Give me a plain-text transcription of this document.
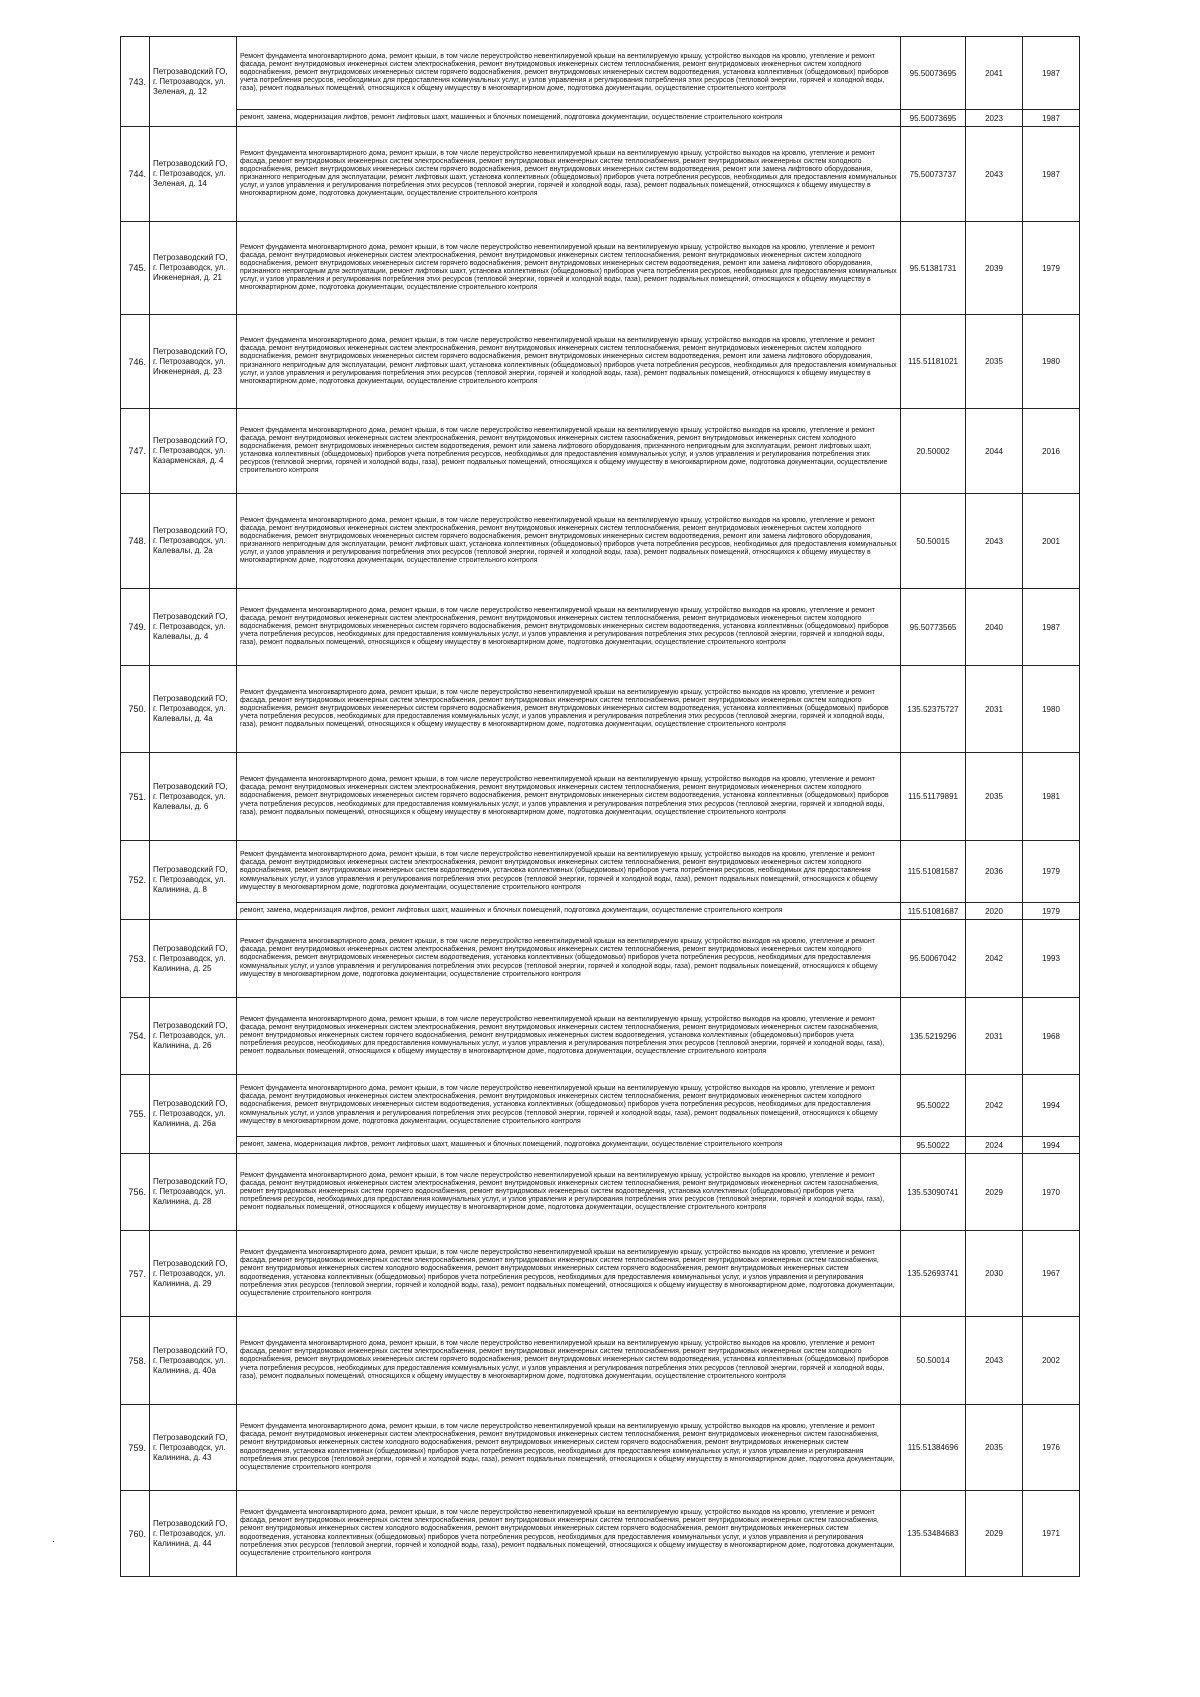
743.	Петрозаводский ГО, г. Петрозаводск, ул. Зеленая, д. 12	Ремонт фундамента многоквартирного дома, ремонт крыши, в том числе переустройство невентилируемой крыши на вентилируемую крышу, устройство выходов на кровлю, утепление и ремонт фасада, ремонт внутридомовых инженерных систем электроснабжения, ремонт внутридомовых инженерных систем теплоснабжения, ремонт внутридомовых инженерных систем холодного водоснабжения, ремонт внутридомовых инженерных систем горячего водоснабжения, ремонт внутридомовых инженерных систем водоотведения, установка коллективных (общедомовых) приборов учета потребления ресурсов, необходимых для предоставления коммунальных услуг, и узлов управления и регулирования потребления этих ресурсов (тепловой энергии, горячей и холодной воды, газа), ремонт подвальных помещений, относящихся к общему имуществу в многоквартирном доме, подготовка документации, осуществление строительного контроля	95.50073695	2041	1987
		ремонт, замена, модернизация лифтов, ремонт лифтовых шахт, машинных и блочных помещений, подготовка документации, осуществление строительного контроля	95.50073695	2023	1987
744.	Петрозаводский ГО, г. Петрозаводск, ул. Зеленая, д. 14	Ремонт фундамента многоквартирного дома, ремонт крыши, в том числе переустройство невентилируемой крыши на вентилируемую крышу, устройство выходов на кровлю, утепление и ремонт фасада, ремонт внутридомовых инженерных систем электроснабжения, ремонт внутридомовых инженерных систем теплоснабжения, ремонт внутридомовых инженерных систем холодного водоснабжения, ремонт внутридомовых инженерных систем горячего водоснабжения, ремонт внутридомовых инженерных систем водоотведения, ремонт или замена лифтового оборудования, признанного непригодным для эксплуатации, ремонт лифтовых шахт, установка коллективных (общедомовых) приборов учета потребления ресурсов, необходимых для предоставления коммунальных услуг, и узлов управления и регулирования потребления этих ресурсов (тепловой энергии, горячей и холодной воды, газа), ремонт подвальных помещений, относящихся к общему имуществу в многоквартирном доме, подготовка документации, осуществление строительного контроля	75.50073737	2043	1987
745.	Петрозаводский ГО, г. Петрозаводск, ул. Инженерная, д. 21	Ремонт фундамента многоквартирного дома, ремонт крыши, в том числе переустройство невентилируемой крыши на вентилируемую крышу, устройство выходов на кровлю, утепление и ремонт фасада, ремонт внутридомовых инженерных систем электроснабжения, ремонт внутридомовых инженерных систем теплоснабжения, ремонт внутридомовых инженерных систем холодного водоснабжения, ремонт внутридомовых инженерных систем горячего водоснабжения, ремонт внутридомовых инженерных систем водоотведения, ремонт или замена лифтового оборудования, признанного непригодным для эксплуатации, ремонт лифтовых шахт, установка коллективных (общедомовых) приборов учета потребления ресурсов, необходимых для предоставления коммунальных услуг, и узлов управления и регулирования потребления этих ресурсов (тепловой энергии, горячей и холодной воды, газа), ремонт подвальных помещений, относящихся к общему имуществу в многоквартирном доме, подготовка документации, осуществление строительного контроля	95.51381731	2039	1979
746.	Петрозаводский ГО, г. Петрозаводск, ул. Инженерная, д. 23	Ремонт фундамента многоквартирного дома, ремонт крыши, в том числе переустройство невентилируемой крыши на вентилируемую крышу, устройство выходов на кровлю, утепление и ремонт фасада, ремонт внутридомовых инженерных систем электроснабжения, ремонт внутридомовых инженерных систем теплоснабжения, ремонт внутридомовых инженерных систем холодного водоснабжения, ремонт внутридомовых инженерных систем горячего водоснабжения, ремонт внутридомовых инженерных систем водоотведения, ремонт или замена лифтового оборудования, признанного непригодным для эксплуатации, ремонт лифтовых шахт, установка коллективных (общедомовых) приборов учета потребления ресурсов, необходимых для предоставления коммунальных услуг, и узлов управления и регулирования потребления этих ресурсов (тепловой энергии, горячей и холодной воды, газа), ремонт подвальных помещений, относящихся к общему имуществу в многоквартирном доме, подготовка документации, осуществление строительного контроля	115.51181021	2035	1980
747.	Петрозаводский ГО, г. Петрозаводск, ул. Казарменская, д. 4	Ремонт фундамента многоквартирного дома, ремонт крыши, в том числе переустройство невентилируемой крыши на вентилируемую крышу, устройство выходов на кровлю, утепление и ремонт фасада, ремонт внутридомовых инженерных систем электроснабжения, ремонт внутридомовых инженерных систем газоснабжения, ремонт внутридомовых инженерных систем холодного водоснабжения, ремонт внутридомовых инженерных систем водоотведения, ремонт или замена лифтового оборудования, признанного непригодным для эксплуатации, ремонт лифтовых шахт, установка коллективных (общедомовых) приборов учета потребления ресурсов, необходимых для предоставления коммунальных услуг, и узлов управления и регулирования потребления этих ресурсов (тепловой энергии, горячей и холодной воды, газа), ремонт подвальных помещений, относящихся к общему имуществу в многоквартирном доме, подготовка документации, осуществление строительного контроля	20.50002	2044	2016
748.	Петрозаводский ГО, г. Петрозаводск, ул. Калевалы, д. 2а	Ремонт фундамента многоквартирного дома, ремонт крыши, в том числе переустройство невентилируемой крыши на вентилируемую крышу, устройство выходов на кровлю, утепление и ремонт фасада, ремонт внутридомовых инженерных систем электроснабжения, ремонт внутридомовых инженерных систем теплоснабжения, ремонт внутридомовых инженерных систем холодного водоснабжения, ремонт внутридомовых инженерных систем горячего водоснабжения, ремонт внутридомовых инженерных систем водоотведения, ремонт или замена лифтового оборудования, признанного непригодным для эксплуатации, ремонт лифтовых шахт, установка коллективных (общедомовых) приборов учета потребления ресурсов, необходимых для предоставления коммунальных услуг, и узлов управления и регулирования потребления этих ресурсов (тепловой энергии, горячей и холодной воды, газа), ремонт подвальных помещений, относящихся к общему имуществу в многоквартирном доме, подготовка документации, осуществление строительного контроля	50.50015	2043	2001
749.	Петрозаводский ГО, г. Петрозаводск, ул. Калевалы, д. 4	Ремонт фундамента многоквартирного дома, ремонт крыши, в том числе переустройство невентилируемой крыши на вентилируемую крышу, устройство выходов на кровлю, утепление и ремонт фасада, ремонт внутридомовых инженерных систем электроснабжения, ремонт внутридомовых инженерных систем теплоснабжения, ремонт внутридомовых инженерных систем холодного водоснабжения, ремонт внутридомовых инженерных систем горячего водоснабжения, ремонт внутридомовых инженерных систем водоотведения, установка коллективных (общедомовых) приборов учета потребления ресурсов, необходимых для предоставления коммунальных услуг, и узлов управления и регулирования потребления этих ресурсов (тепловой энергии, горячей и холодной воды, газа), ремонт подвальных помещений, относящихся к общему имуществу в многоквартирном доме, подготовка документации, осуществление строительного контроля	95.50773565	2040	1987
750.	Петрозаводский ГО, г. Петрозаводск, ул. Калевалы, д. 4а	Ремонт фундамента многоквартирного дома, ремонт крыши, в том числе переустройство невентилируемой крыши на вентилируемую крышу, устройство выходов на кровлю, утепление и ремонт фасада, ремонт внутридомовых инженерных систем электроснабжения, ремонт внутридомовых инженерных систем теплоснабжения, ремонт внутридомовых инженерных систем холодного водоснабжения, ремонт внутридомовых инженерных систем горячего водоснабжения, ремонт внутридомовых инженерных систем водоотведения, установка коллективных (общедомовых) приборов учета потребления ресурсов, необходимых для предоставления коммунальных услуг, и узлов управления и регулирования потребления этих ресурсов (тепловой энергии, горячей и холодной воды, газа), ремонт подвальных помещений, относящихся к общему имуществу в многоквартирном доме, подготовка документации, осуществление строительного контроля	135.52375727	2031	1980
751.	Петрозаводский ГО, г. Петрозаводск, ул. Калевалы, д. 6	Ремонт фундамента многоквартирного дома, ремонт крыши, в том числе переустройство невентилируемой крыши на вентилируемую крышу, устройство выходов на кровлю, утепление и ремонт фасада, ремонт внутридомовых инженерных систем электроснабжения, ремонт внутридомовых инженерных систем теплоснабжения, ремонт внутридомовых инженерных систем холодного водоснабжения, ремонт внутридомовых инженерных систем горячего водоснабжения, ремонт внутридомовых инженерных систем водоотведения, установка коллективных (общедомовых) приборов учета потребления ресурсов, необходимых для предоставления коммунальных услуг, и узлов управления и регулирования потребления этих ресурсов (тепловой энергии, горячей и холодной воды, газа), ремонт подвальных помещений, относящихся к общему имуществу в многоквартирном доме, подготовка документации, осуществление строительного контроля	115.51179891	2035	1981
752.	Петрозаводский ГО, г. Петрозаводск, ул. Калинина, д. 8	Ремонт фундамента многоквартирного дома, ремонт крыши, в том числе переустройство невентилируемой крыши на вентилируемую крышу, устройство выходов на кровлю, утепление и ремонт фасада, ремонт внутридомовых инженерных систем электроснабжения, ремонт внутридомовых инженерных систем теплоснабжения, ремонт внутридомовых инженерных систем холодного водоснабжения, ремонт внутридомовых инженерных систем водоотведения, установка коллективных (общедомовых) приборов учета потребления ресурсов, необходимых для предоставления коммунальных услуг, и узлов управления и регулирования потребления этих ресурсов (тепловой энергии, горячей и холодной воды, газа), ремонт подвальных помещений, относящихся к общему имуществу в многоквартирном доме, подготовка документации, осуществление строительного контроля	115.51081587	2036	1979
		ремонт, замена, модернизация лифтов, ремонт лифтовых шахт, машинных и блочных помещений, подготовка документации, осуществление строительного контроля	115.51081687	2020	1979
753.	Петрозаводский ГО, г. Петрозаводск, ул. Калинина, д. 25	Ремонт фундамента многоквартирного дома, ремонт крыши, в том числе переустройство невентилируемой крыши на вентилируемую крышу, устройство выходов на кровлю, утепление и ремонт фасада, ремонт внутридомовых инженерных систем электроснабжения, ремонт внутридомовых инженерных систем теплоснабжения, ремонт внутридомовых инженерных систем холодного водоснабжения, ремонт внутридомовых инженерных систем водоотведения, установка коллективных (общедомовых) приборов учета потребления ресурсов, необходимых для предоставления коммунальных услуг, и узлов управления и регулирования потребления этих ресурсов (тепловой энергии, горячей и холодной воды, газа), ремонт подвальных помещений, относящихся к общему имуществу в многоквартирном доме, подготовка документации, осуществление строительного контроля	95.50067042	2042	1993
754.	Петрозаводский ГО, г. Петрозаводск, ул. Калинина, д. 26	Ремонт фундамента многоквартирного дома, ремонт крыши, в том числе переустройство невентилируемой крыши на вентилируемую крышу, устройство выходов на кровлю, утепление и ремонт фасада, ремонт внутридомовых инженерных систем электроснабжения, ремонт внутридомовых инженерных систем теплоснабжения, ремонт внутридомовых инженерных систем газоснабжения, ремонт внутридомовых инженерных систем горячего водоснабжения, ремонт внутридомовых инженерных систем водоотведения, установка коллективных (общедомовых) приборов учета потребления ресурсов, необходимых для предоставления коммунальных услуг, и узлов управления и регулирования потребления этих ресурсов (тепловой энергии, горячей и холодной воды, газа), ремонт подвальных помещений, относящихся к общему имуществу в многоквартирном доме, подготовка документации, осуществление строительного контроля	135.5219296	2031	1968
755.	Петрозаводский ГО, г. Петрозаводск, ул. Калинина, д. 26а	Ремонт фундамента многоквартирного дома, ремонт крыши, в том числе переустройство невентилируемой крыши на вентилируемую крышу, устройство выходов на кровлю, утепление и ремонт фасада, ремонт внутридомовых инженерных систем электроснабжения, ремонт внутридомовых инженерных систем теплоснабжения, ремонт внутридомовых инженерных систем холодного водоснабжения, ремонт внутридомовых инженерных систем водоотведения, установка коллективных (общедомовых) приборов учета потребления ресурсов, необходимых для предоставления коммунальных услуг, и узлов управления и регулирования потребления этих ресурсов (тепловой энергии, горячей и холодной воды, газа), ремонт подвальных помещений, относящихся к общему имуществу в многоквартирном доме, подготовка документации, осуществление строительного контроля	95.50022	2042	1994
		ремонт, замена, модернизация лифтов, ремонт лифтовых шахт, машинных и блочных помещений, подготовка документации, осуществление строительного контроля	95.50022	2024	1994
756.	Петрозаводский ГО, г. Петрозаводск, ул. Калинина, д. 28	Ремонт фундамента многоквартирного дома, ремонт крыши, в том числе переустройство невентилируемой крыши на вентилируемую крышу, устройство выходов на кровлю, утепление и ремонт фасада, ремонт внутридомовых инженерных систем электроснабжения, ремонт внутридомовых инженерных систем теплоснабжения, ремонт внутридомовых инженерных систем газоснабжения, ремонт внутридомовых инженерных систем горячего водоснабжения, ремонт внутридомовых инженерных систем водоотведения, установка коллективных (общедомовых) приборов учета потребления ресурсов, необходимых для предоставления коммунальных услуг, и узлов управления и регулирования потребления этих ресурсов (тепловой энергии, горячей и холодной воды, газа), ремонт подвальных помещений, относящихся к общему имуществу в многоквартирном доме, подготовка документации, осуществление строительного контроля	135.53090741	2029	1970
757.	Петрозаводский ГО, г. Петрозаводск, ул. Калинина, д. 29	Ремонт фундамента многоквартирного дома, ремонт крыши, в том числе переустройство невентилируемой крыши на вентилируемую крышу, устройство выходов на кровлю, утепление и ремонт фасада, ремонт внутридомовых инженерных систем электроснабжения, ремонт внутридомовых инженерных систем теплоснабжения, ремонт внутридомовых инженерных систем газоснабжения, ремонт внутридомовых инженерных систем холодного водоснабжения, ремонт внутридомовых инженерных систем горячего водоснабжения, ремонт внутридомовых инженерных систем водоотведения, установка коллективных (общедомовых) приборов учета потребления ресурсов, необходимых для предоставления коммунальных услуг, и узлов управления и регулирования потребления этих ресурсов (тепловой энергии, горячей и холодной воды, газа), ремонт подвальных помещений, относящихся к общему имуществу в многоквартирном доме, подготовка документации, осуществление строительного контроля	135.52693741	2030	1967
758.	Петрозаводский ГО, г. Петрозаводск, ул. Калинина, д. 40а	Ремонт фундамента многоквартирного дома, ремонт крыши, в том числе переустройство невентилируемой крыши на вентилируемую крышу, устройство выходов на кровлю, утепление и ремонт фасада, ремонт внутридомовых инженерных систем электроснабжения, ремонт внутридомовых инженерных систем теплоснабжения, ремонт внутридомовых инженерных систем холодного водоснабжения, ремонт внутридомовых инженерных систем горячего водоснабжения, ремонт внутридомовых инженерных систем водоотведения, установка коллективных (общедомовых) приборов учета потребления ресурсов, необходимых для предоставления коммунальных услуг, и узлов управления и регулирования потребления этих ресурсов (тепловой энергии, горячей и холодной воды, газа), ремонт подвальных помещений, относящихся к общему имуществу в многоквартирном доме, подготовка документации, осуществление строительного контроля	50.50014	2043	2002
759.	Петрозаводский ГО, г. Петрозаводск, ул. Калинина, д. 43	Ремонт фундамента многоквартирного дома, ремонт крыши, в том числе переустройство невентилируемой крыши на вентилируемую крышу, устройство выходов на кровлю, утепление и ремонт фасада, ремонт внутридомовых инженерных систем электроснабжения, ремонт внутридомовых инженерных систем теплоснабжения, ремонт внутридомовых инженерных систем газоснабжения, ремонт внутридомовых инженерных систем холодного водоснабжения, ремонт внутридомовых инженерных систем горячего водоснабжения, ремонт внутридомовых инженерных систем водоотведения, установка коллективных (общедомовых) приборов учета потребления ресурсов, необходимых для предоставления коммунальных услуг, и узлов управления и регулирования потребления этих ресурсов (тепловой энергии, горячей и холодной воды, газа), ремонт подвальных помещений, относящихся к общему имуществу в многоквартирном доме, подготовка документации, осуществление строительного контроля	115.51384696	2035	1976
760.	Петрозаводский ГО, г. Петрозаводск, ул. Калинина, д. 44	Ремонт фундамента многоквартирного дома, ремонт крыши, в том числе переустройство невентилируемой крыши на вентилируемую крышу, устройство выходов на кровлю, утепление и ремонт фасада, ремонт внутридомовых инженерных систем электроснабжения, ремонт внутридомовых инженерных систем теплоснабжения, ремонт внутридомовых инженерных систем газоснабжения, ремонт внутридомовых инженерных систем холодного водоснабжения, ремонт внутридомовых инженерных систем горячего водоснабжения, ремонт внутридомовых инженерных систем водоотведения, установка коллективных (общедомовых) приборов учета потребления ресурсов, необходимых для предоставления коммунальных услуг, и узлов управления и регулирования потребления этих ресурсов (тепловой энергии, горячей и холодной воды, газа), ремонт подвальных помещений, относящихся к общему имуществу в многоквартирном доме, подготовка документации, осуществление строительного контроля	135.53484683	2029	1971
·
